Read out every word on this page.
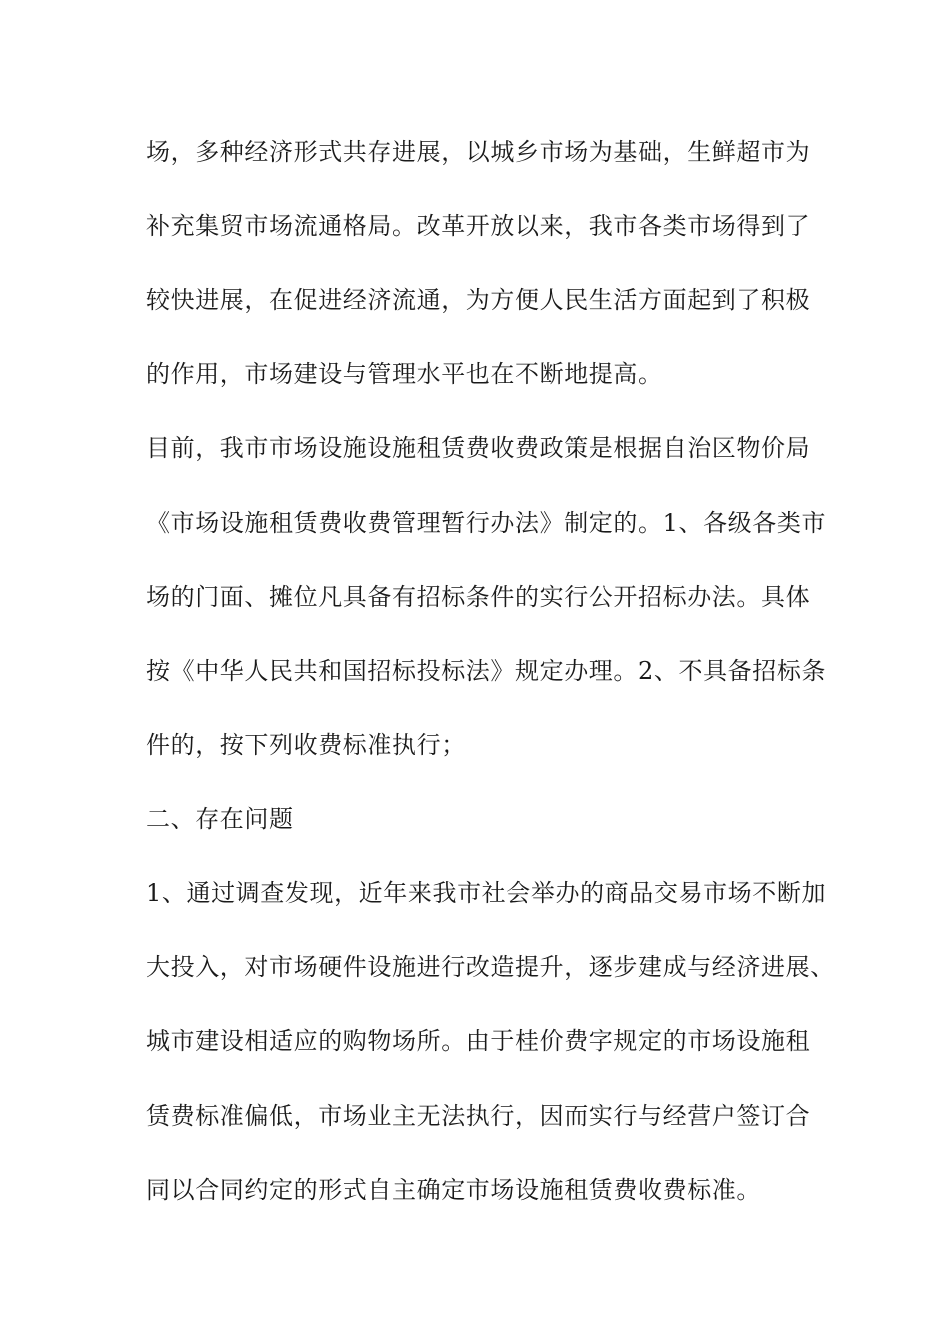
场，多种经济形式共存进展，以城乡市场为基础，生鲜超市为
补充集贸市场流通格局。改革开放以来，我市各类市场得到了
较快进展，在促进经济流通，为方便人民生活方面起到了积极
的作用，市场建设与管理水平也在不断地提高。
目前，我市市场设施设施租赁费收费政策是根据自治区物价局
《市场设施租赁费收费管理暂行办法》制定的。1、各级各类市
场的门面、摊位凡具备有招标条件的实行公开招标办法。具体
按《中华人民共和国招标投标法》规定办理。2、不具备招标条
件的，按下列收费标准执行；
二、存在问题
1、通过调查发现，近年来我市社会举办的商品交易市场不断加
大投入，对市场硬件设施进行改造提升，逐步建成与经济进展、
城市建设相适应的购物场所。由于桂价费字规定的市场设施租
赁费标准偏低，市场业主无法执行，因而实行与经营户签订合
同以合同约定的形式自主确定市场设施租赁费收费标准。
